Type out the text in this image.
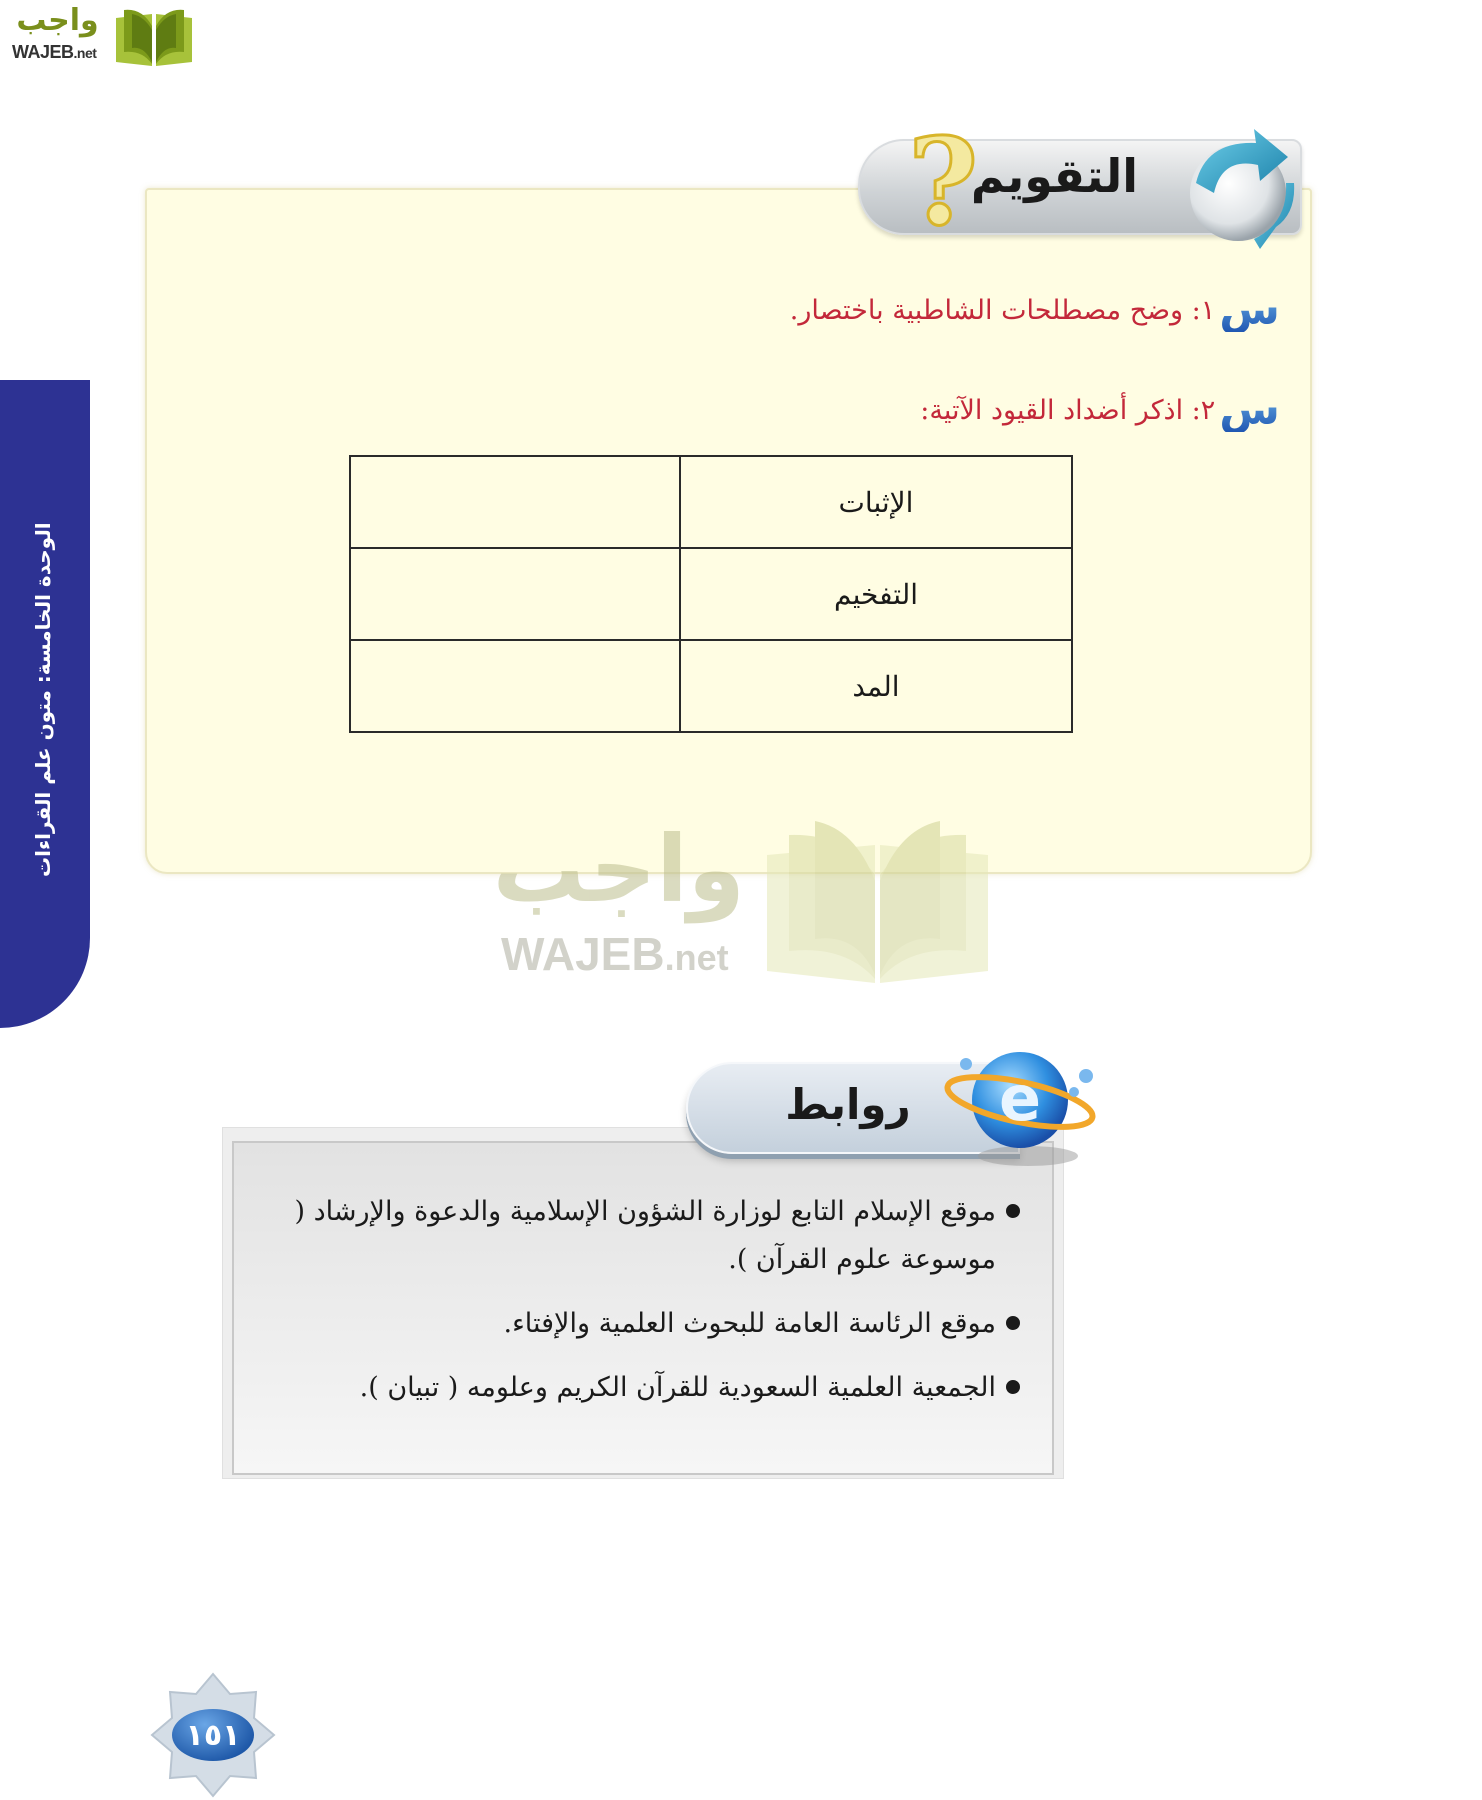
واجب
WAJEB.net
الوحدة الخامسة: متون علم القراءات
?
التقويم
س
١
: وضح مصطلحات الشاطبية باختصار.
س
٢
: اذكر أضداد القيود الآتية:
الإثبات	
التفخيم	
المد	
واجب
WAJEB.net
روابط e
موقع الإسلام التابع لوزارة الشؤون الإسلامية والدعوة والإرشاد ( موسوعة علوم القرآن ).
موقع الرئاسة العامة للبحوث العلمية والإفتاء.
الجمعية العلمية السعودية للقرآن الكريم وعلومه ( تبيان ).
١٥١
